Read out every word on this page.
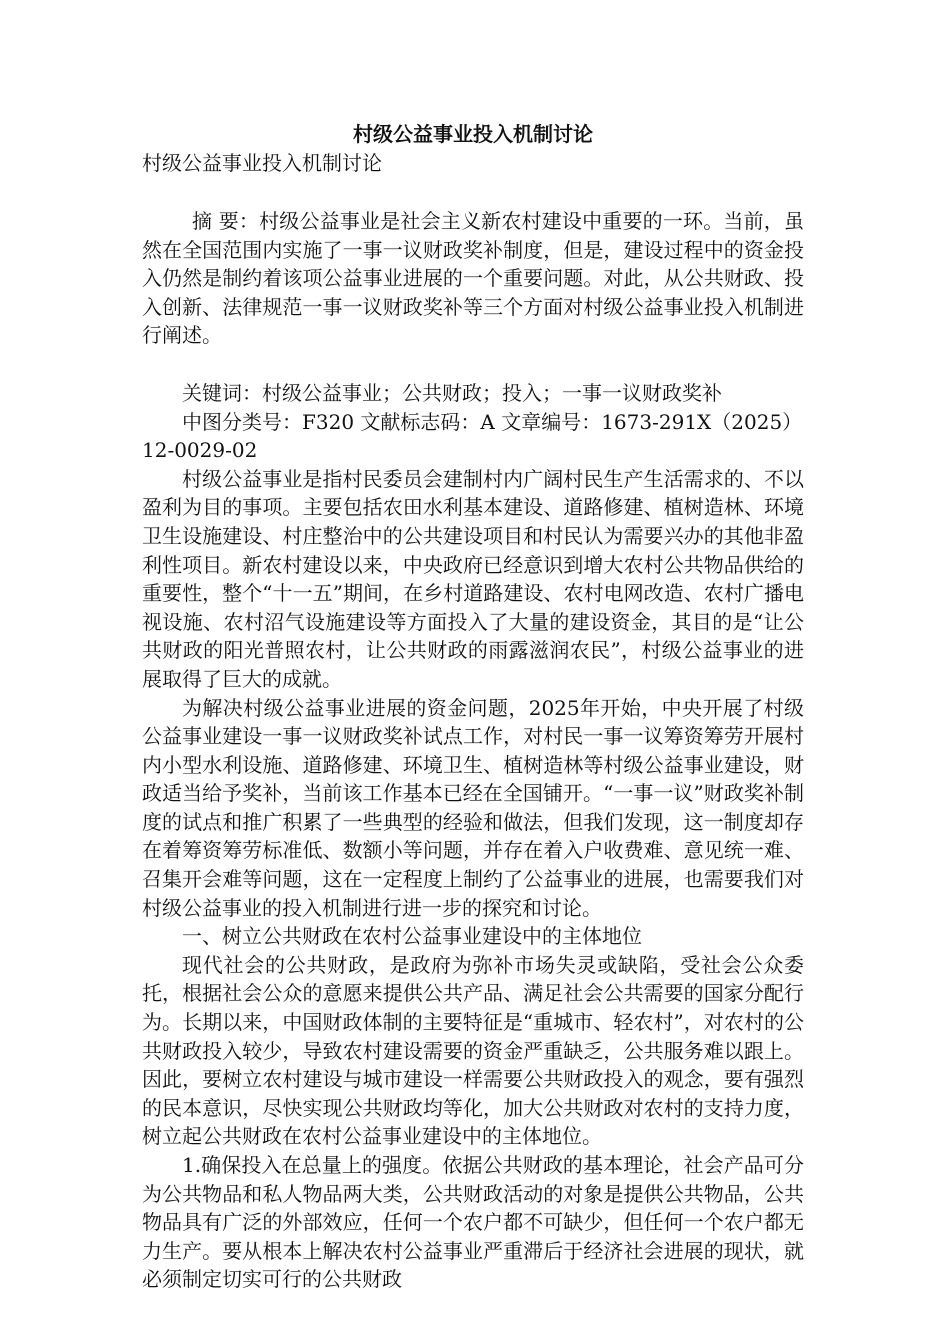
村级公益事业投入机制讨论

村级公益事业投入机制讨论

摘 要：村级公益事业是社会主义新农村建设中重要的一环。当前，虽然在全国范围内实施了一事一议财政奖补制度，但是，建设过程中的资金投入仍然是制约着该项公益事业进展的一个重要问题。对此，从公共财政、投入创新、法律规范一事一议财政奖补等三个方面对村级公益事业投入机制进行阐述。

关键词：村级公益事业；公共财政；投入；一事一议财政奖补

中图分类号：F320 文献标志码：A 文章编号：1673-291X（2025）12-0029-02

村级公益事业是指村民委员会建制村内广阔村民生产生活需求的、不以盈利为目的事项。主要包括农田水利基本建设、道路修建、植树造林、环境卫生设施建设、村庄整治中的公共建设项目和村民认为需要兴办的其他非盈利性项目。新农村建设以来，中央政府已经意识到增大农村公共物品供给的重要性，整个“十一五”期间，在乡村道路建设、农村电网改造、农村广播电视设施、农村沼气设施建设等方面投入了大量的建设资金，其目的是“让公共财政的阳光普照农村，让公共财政的雨露滋润农民”，村级公益事业的进展取得了巨大的成就。

为解决村级公益事业进展的资金问题，2025年开始，中央开展了村级公益事业建设一事一议财政奖补试点工作，对村民一事一议筹资筹劳开展村内小型水利设施、道路修建、环境卫生、植树造林等村级公益事业建设，财政适当给予奖补，当前该工作基本已经在全国铺开。“一事一议”财政奖补制度的试点和推广积累了一些典型的经验和做法，但我们发现，这一制度却存在着筹资筹劳标准低、数额小等问题，并存在着入户收费难、意见统一难、召集开会难等问题，这在一定程度上制约了公益事业的进展，也需要我们对村级公益事业的投入机制进行进一步的探究和讨论。

一、树立公共财政在农村公益事业建设中的主体地位

现代社会的公共财政，是政府为弥补市场失灵或缺陷，受社会公众委托，根据社会公众的意愿来提供公共产品、满足社会公共需要的国家分配行为。长期以来，中国财政体制的主要特征是“重城市、轻农村”，对农村的公共财政投入较少，导致农村建设需要的资金严重缺乏，公共服务难以跟上。因此，要树立农村建设与城市建设一样需要公共财政投入的观念，要有强烈的民本意识，尽快实现公共财政均等化，加大公共财政对农村的支持力度，树立起公共财政在农村公益事业建设中的主体地位。

1.确保投入在总量上的强度。依据公共财政的基本理论，社会产品可分为公共物品和私人物品两大类，公共财政活动的对象是提供公共物品，公共物品具有广泛的外部效应，任何一个农户都不可缺少，但任何一个农户都无力生产。要从根本上解决农村公益事业严重滞后于经济社会进展的现状，就必须制定切实可行的公共财政
